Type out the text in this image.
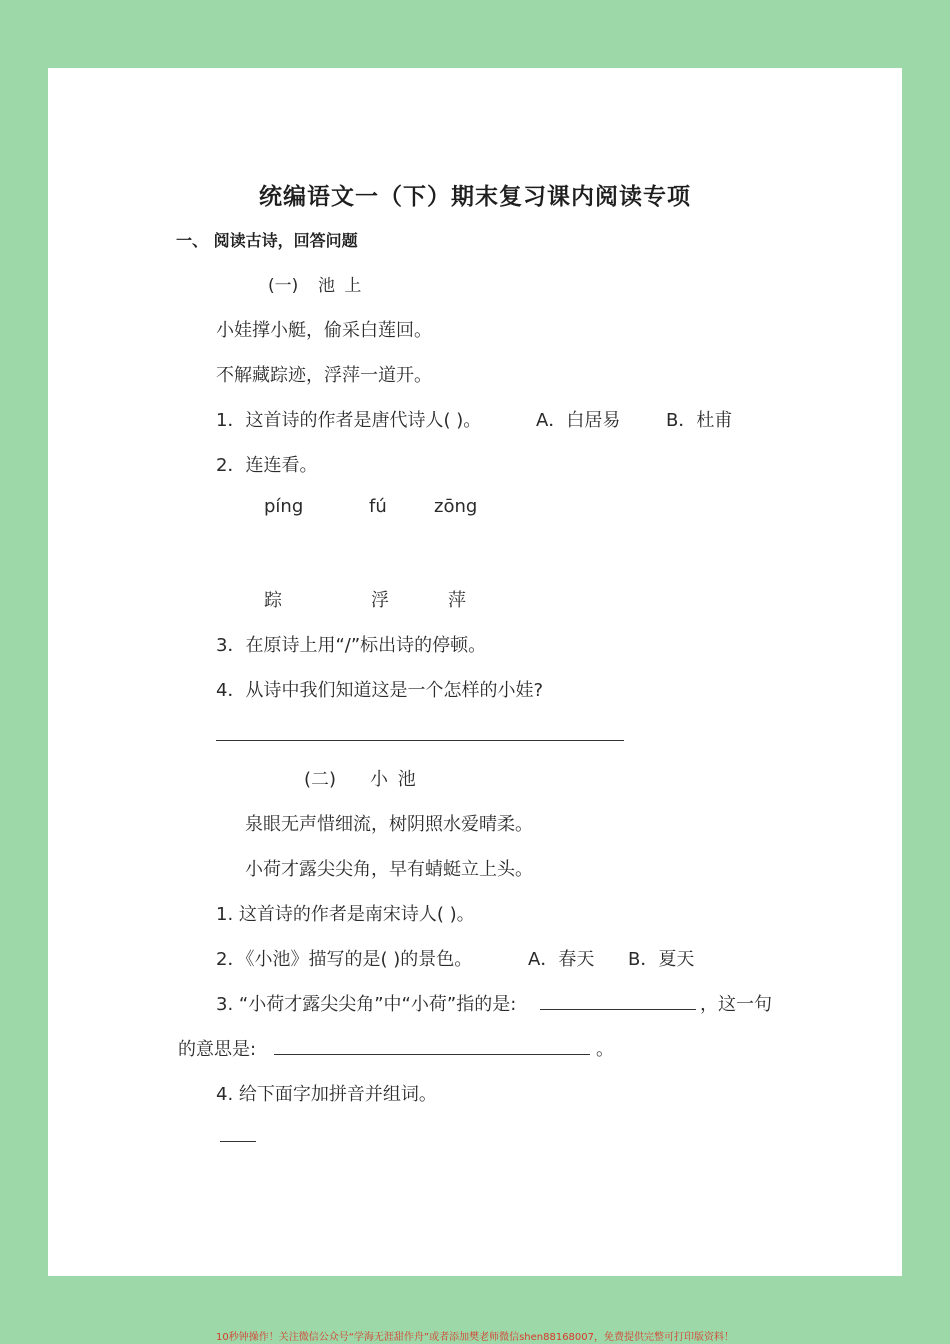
统编语文一（下）期末复习课内阅读专项
一、 阅读古诗，回答问题
(一) 池 上
小娃撑小艇，偷采白莲回。
不解藏踪迹，浮萍一道开。
1．这首诗的作者是唐代诗人( )。	A．白居易	B．杜甫
2．连连看。
píng	fú	zōng
踪	浮	萍
3．在原诗上用“/”标出诗的停顿。
4．从诗中我们知道这是一个怎样的小娃?
(二) 小 池
泉眼无声惜细流，树阴照水爱晴柔。
小荷才露尖尖角，早有蜻蜓立上头。
1. 这首诗的作者是南宋诗人( )。
2．《小池》描写的是( )的景色。	A．春天 B．夏天
3. “小荷才露尖尖角”中“小荷”指的是:	，这一句
的意思是:	。
4. 给下面字加拼音并组词。
10秒钟操作！关注微信公众号“学海无涯甜作舟”或者添加樊老师微信shen88168007，免费提供完整可打印版资料！
